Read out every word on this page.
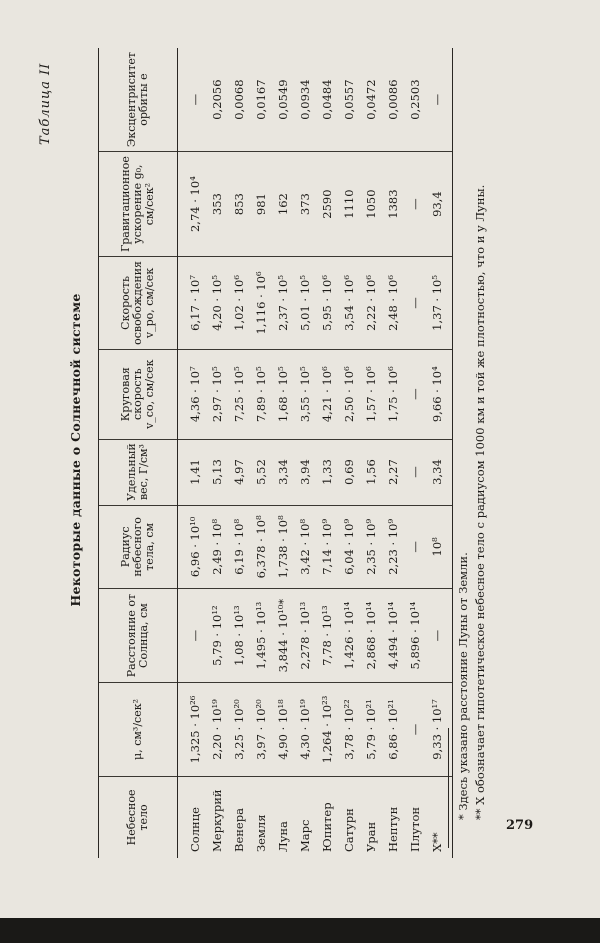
279
Таблица II
Некоторые данные о Солнечной системе
Небесное тело	μ, см³/сек²	Расстояние от Солнца, см	Радиус небесного тела, см	Удельный вес, Г/см³	Круговая скорость v_co, см/сек	Скорость освобождения v_po, см/сек	Гравитационное ускорение g₀, см/сек²	Эксцентриситет орбиты e
Солнце	1,325 · 10²⁶	—	6,96 · 10¹⁰	1,41	4,36 · 10⁷	6,17 · 10⁷	2,74 · 10⁴	—
Меркурий	2,20 · 10¹⁹	5,79 · 10¹²	2,49 · 10⁸	5,13	2,97 · 10⁵	4,20 · 10⁵	353	0,2056
Венера	3,25 · 10²⁰	1,08 · 10¹³	6,19 · 10⁸	4,97	7,25 · 10⁵	1,02 · 10⁶	853	0,0068
Земля	3,97 · 10²⁰	1,495 · 10¹³	6,378 · 10⁸	5,52	7,89 · 10⁵	1,116 · 10⁶	981	0,0167
Луна	4,90 · 10¹⁸	3,844 · 10¹⁰*	1,738 · 10⁸	3,34	1,68 · 10⁵	2,37 · 10⁵	162	0,0549
Марс	4,30 · 10¹⁹	2,278 · 10¹³	3,42 · 10⁸	3,94	3,55 · 10⁵	5,01 · 10⁵	373	0,0934
Юпитер	1,264 · 10²³	7,78 · 10¹³	7,14 · 10⁹	1,33	4,21 · 10⁶	5,95 · 10⁶	2590	0,0484
Сатурн	3,78 · 10²²	1,426 · 10¹⁴	6,04 · 10⁹	0,69	2,50 · 10⁶	3,54 · 10⁶	1110	0,0557
Уран	5,79 · 10²¹	2,868 · 10¹⁴	2,35 · 10⁹	1,56	1,57 · 10⁶	2,22 · 10⁶	1050	0,0472
Нептун	6,86 · 10²¹	4,494 · 10¹⁴	2,23 · 10⁹	2,27	1,75 · 10⁶	2,48 · 10⁶	1383	0,0086
Плутон	—	5,896 · 10¹⁴	—	—	—	—	—	0,2503
X**	9,33 · 10¹⁷	—	10⁸	3,34	9,66 · 10⁴	1,37 · 10⁵	93,4	—
* Здесь указано расстояние Луны от Земли. ** X обозначает гипотетическое небесное тело с радиусом 1000 км и той же плотностью, что и у Луны.
